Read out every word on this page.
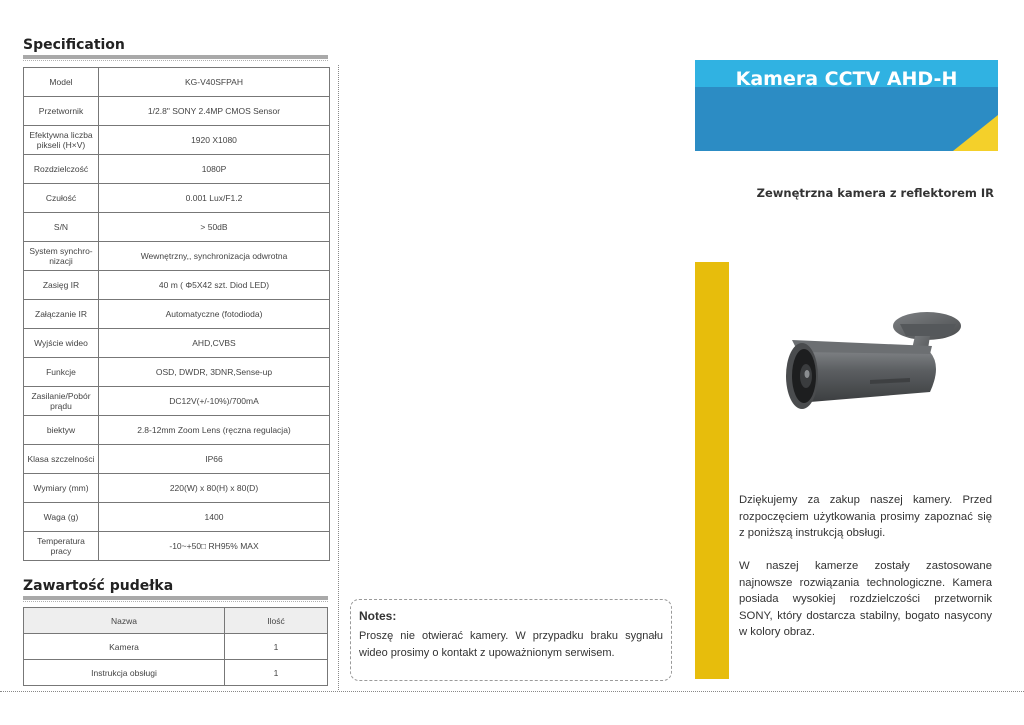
Specification
Model	KG-V40SFPAH
Przetwornik	1/2.8" SONY 2.4MP CMOS Sensor
Efektywna liczba pikseli (H×V)	1920 X1080
Rozdzielczość	1080P
Czułość	0.001 Lux/F1.2
S/N	> 50dB
System synchro-nizacji	Wewnętrzny,, synchronizacja odwrotna
Zasięg IR	40 m ( Φ5X42 szt. Diod LED)
Załączanie IR	Automatyczne (fotodioda)
Wyjście wideo	AHD,CVBS
Funkcje	OSD, DWDR, 3DNR,Sense-up
Zasilanie/Pobór prądu	DC12V(+/-10%)/700mA
biektyw	2.8-12mm Zoom Lens (ręczna regulacja)
Klasa szczelności	IP66
Wymiary (mm)	220(W) x 80(H) x 80(D)
Waga (g)	1400
Temperatura pracy	-10~+50□ RH95% MAX
Zawartość pudełka
Nazwa	Ilość
Kamera	1
Instrukcja obsługi	1
Notes:
Proszę nie otwierać kamery. W przypadku braku sygnału wideo prosimy o kontakt z upoważnionym serwisem.
Kamera CCTV AHD-H
Zewnętrzna kamera z reflektorem IR
Dziękujemy za zakup naszej kamery. Przed rozpoczęciem użytkowania prosimy zapoznać się z poniższą instrukcją obsługi.
W naszej kamerze zostały zastosowane najnowsze rozwiązania technologiczne. Kamera posiada wysokiej rozdzielczości przetwornik SONY, który dostarcza stabilny, bogato nasycony w kolory obraz.
